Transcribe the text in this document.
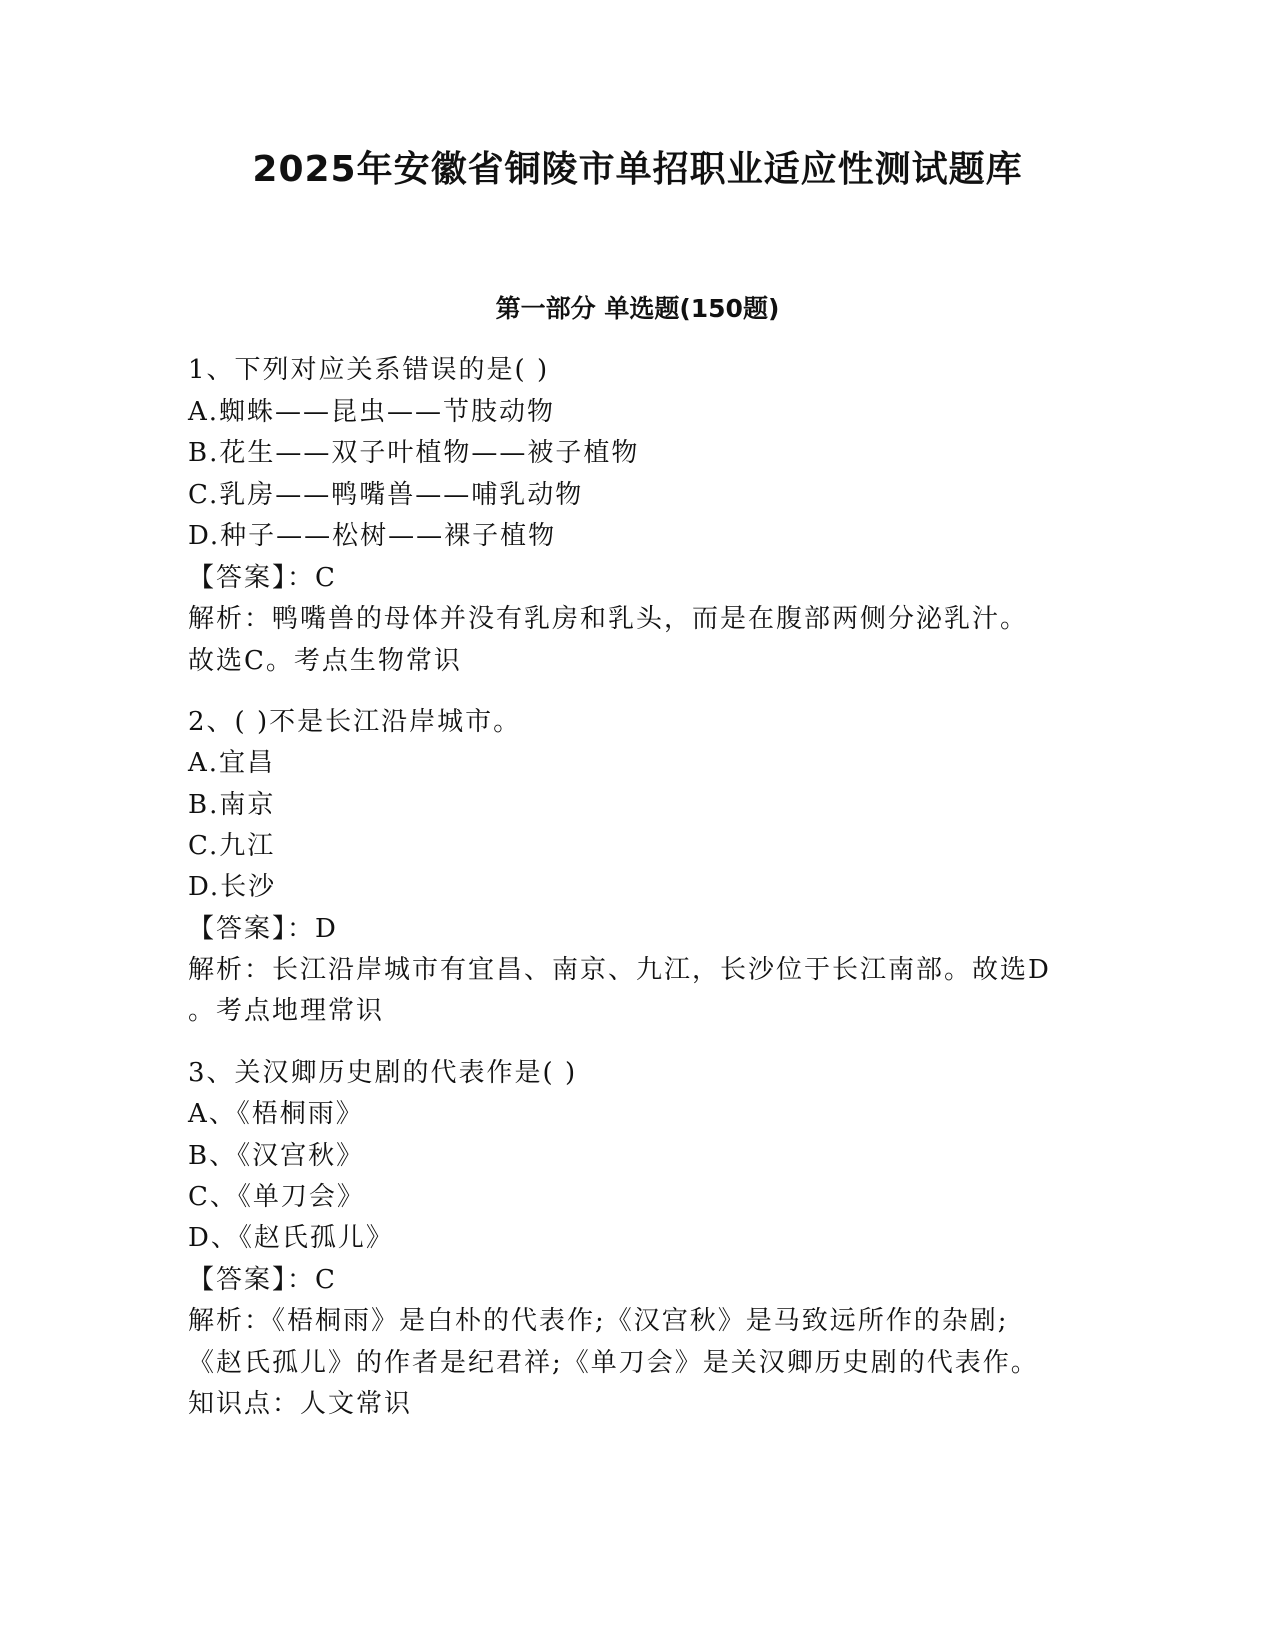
2025年安徽省铜陵市单招职业适应性测试题库
第一部分 单选题(150题)
1、下列对应关系错误的是( )
A.蜘蛛——昆虫——节肢动物
B.花生——双子叶植物——被子植物
C.乳房——鸭嘴兽——哺乳动物
D.种子——松树——裸子植物
【答案】：C
解析：鸭嘴兽的母体并没有乳房和乳头，而是在腹部两侧分泌乳汁。
故选C。考点生物常识
2、( )不是长江沿岸城市。
A.宜昌
B.南京
C.九江
D.长沙
【答案】：D
解析：长江沿岸城市有宜昌、南京、九江，长沙位于长江南部。故选D
。考点地理常识
3、关汉卿历史剧的代表作是( )
A、《梧桐雨》
B、《汉宫秋》
C、《单刀会》
D、《赵氏孤儿》
【答案】：C
解析：《梧桐雨》是白朴的代表作;《汉宫秋》是马致远所作的杂剧;
《赵氏孤儿》的作者是纪君祥;《单刀会》是关汉卿历史剧的代表作。
知识点：人文常识
